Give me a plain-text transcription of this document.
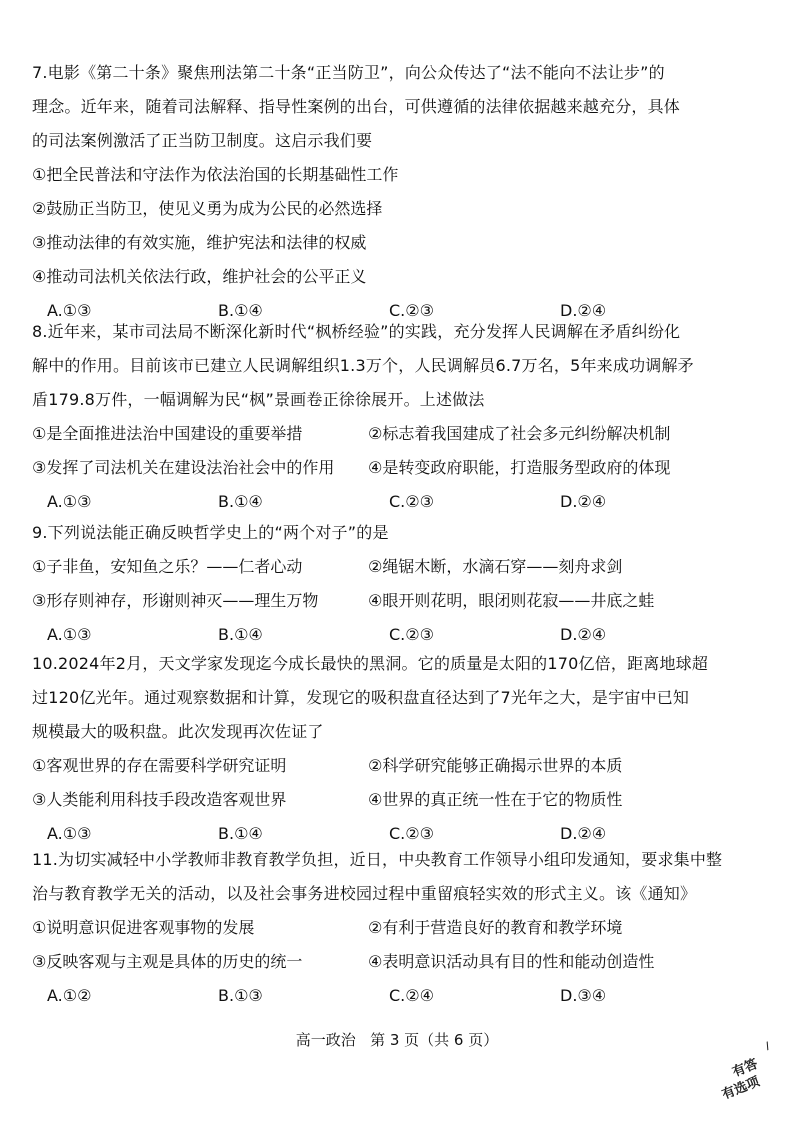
7.电影《第二十条》聚焦刑法第二十条“正当防卫”，向公众传达了“法不能向不法让步”的

理念。近年来，随着司法解释、指导性案例的出台，可供遵循的法律依据越来越充分，具体

的司法案例激活了正当防卫制度。这启示我们要

①把全民普法和守法作为依法治国的长期基础性工作
②鼓励正当防卫，使见义勇为成为公民的必然选择
③推动法律的有效实施，维护宪法和法律的权威
④推动司法机关依法行政，维护社会的公平正义
A.①③	B.①④	C.②③	D.②④

8.近年来，某市司法局不断深化新时代“枫桥经验”的实践，充分发挥人民调解在矛盾纠纷化

解中的作用。目前该市已建立人民调解组织1.3万个，人民调解员6.7万名，5年来成功调解矛

盾179.8万件，一幅调解为民“枫”景画卷正徐徐展开。上述做法

①是全面推进法治中国建设的重要举措	②标志着我国建成了社会多元纠纷解决机制
③发挥了司法机关在建设法治社会中的作用	④是转变政府职能，打造服务型政府的体现
A.①③	B.①④	C.②③	D.②④

9.下列说法能正确反映哲学史上的“两个对子”的是

①子非鱼，安知鱼之乐？——仁者心动	②绳锯木断，水滴石穿——刻舟求剑
③形存则神存，形谢则神灭——理生万物	④眼开则花明，眼闭则花寂——井底之蛙
A.①③	B.①④	C.②③	D.②④

10.2024年2月，天文学家发现迄今成长最快的黑洞。它的质量是太阳的170亿倍，距离地球超

过120亿光年。通过观察数据和计算，发现它的吸积盘直径达到了7光年之大，是宇宙中已知

规模最大的吸积盘。此次发现再次佐证了

①客观世界的存在需要科学研究证明	②科学研究能够正确揭示世界的本质
③人类能利用科技手段改造客观世界	④世界的真正统一性在于它的物质性
A.①③	B.①④	C.②③	D.②④

11.为切实减轻中小学教师非教育教学负担，近日，中央教育工作领导小组印发通知，要求集中整

治与教育教学无关的活动，以及社会事务进校园过程中重留痕轻实效的形式主义。该《通知》

①说明意识促进客观事物的发展	②有利于营造良好的教育和教学环境
③反映客观与主观是具体的历史的统一	④表明意识活动具有目的性和能动创造性
A.①②	B.①③	C.②④	D.③④
高一政治   第 3 页（共 6 页）	/
有答
有选项
